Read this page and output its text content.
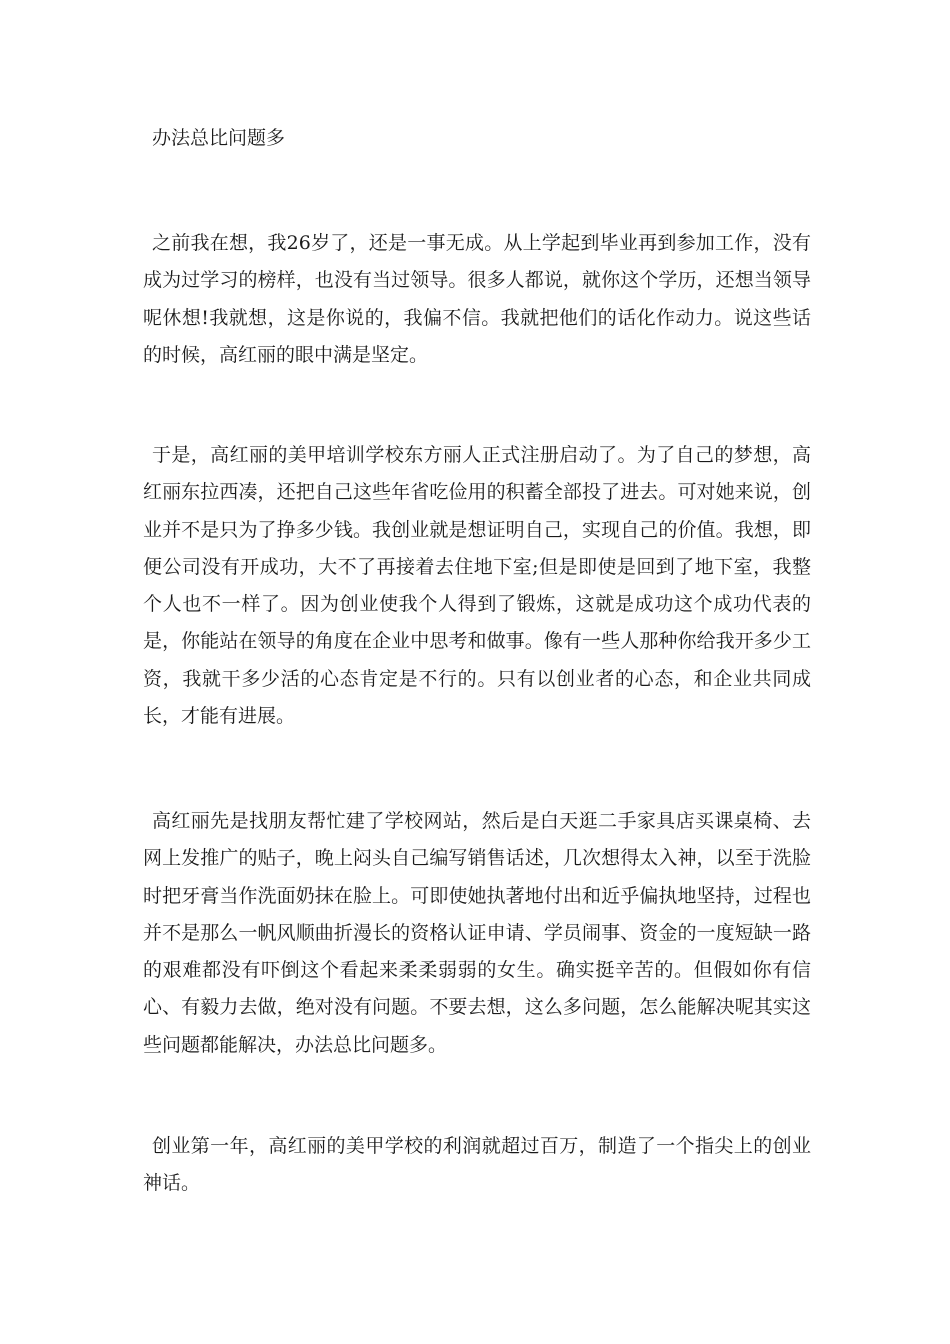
办法总比问题多

之前我在想，我26岁了，还是一事无成。从上学起到毕业再到参加工作，没有成为过学习的榜样，也没有当过领导。很多人都说，就你这个学历，还想当领导呢休想!我就想，这是你说的，我偏不信。我就把他们的话化作动力。说这些话的时候，高红丽的眼中满是坚定。

于是，高红丽的美甲培训学校东方丽人正式注册启动了。为了自己的梦想，高红丽东拉西凑，还把自己这些年省吃俭用的积蓄全部投了进去。可对她来说，创业并不是只为了挣多少钱。我创业就是想证明自己，实现自己的价值。我想，即便公司没有开成功，大不了再接着去住地下室;但是即使是回到了地下室，我整个人也不一样了。因为创业使我个人得到了锻炼，这就是成功这个成功代表的是，你能站在领导的角度在企业中思考和做事。像有一些人那种你给我开多少工资，我就干多少活的心态肯定是不行的。只有以创业者的心态，和企业共同成长，才能有进展。

高红丽先是找朋友帮忙建了学校网站，然后是白天逛二手家具店买课桌椅、去网上发推广的贴子，晚上闷头自己编写销售话述，几次想得太入神，以至于洗脸时把牙膏当作洗面奶抹在脸上。可即使她执著地付出和近乎偏执地坚持，过程也并不是那么一帆风顺曲折漫长的资格认证申请、学员闹事、资金的一度短缺一路的艰难都没有吓倒这个看起来柔柔弱弱的女生。确实挺辛苦的。但假如你有信心、有毅力去做，绝对没有问题。不要去想，这么多问题，怎么能解决呢其实这些问题都能解决，办法总比问题多。

创业第一年，高红丽的美甲学校的利润就超过百万，制造了一个指尖上的创业神话。
